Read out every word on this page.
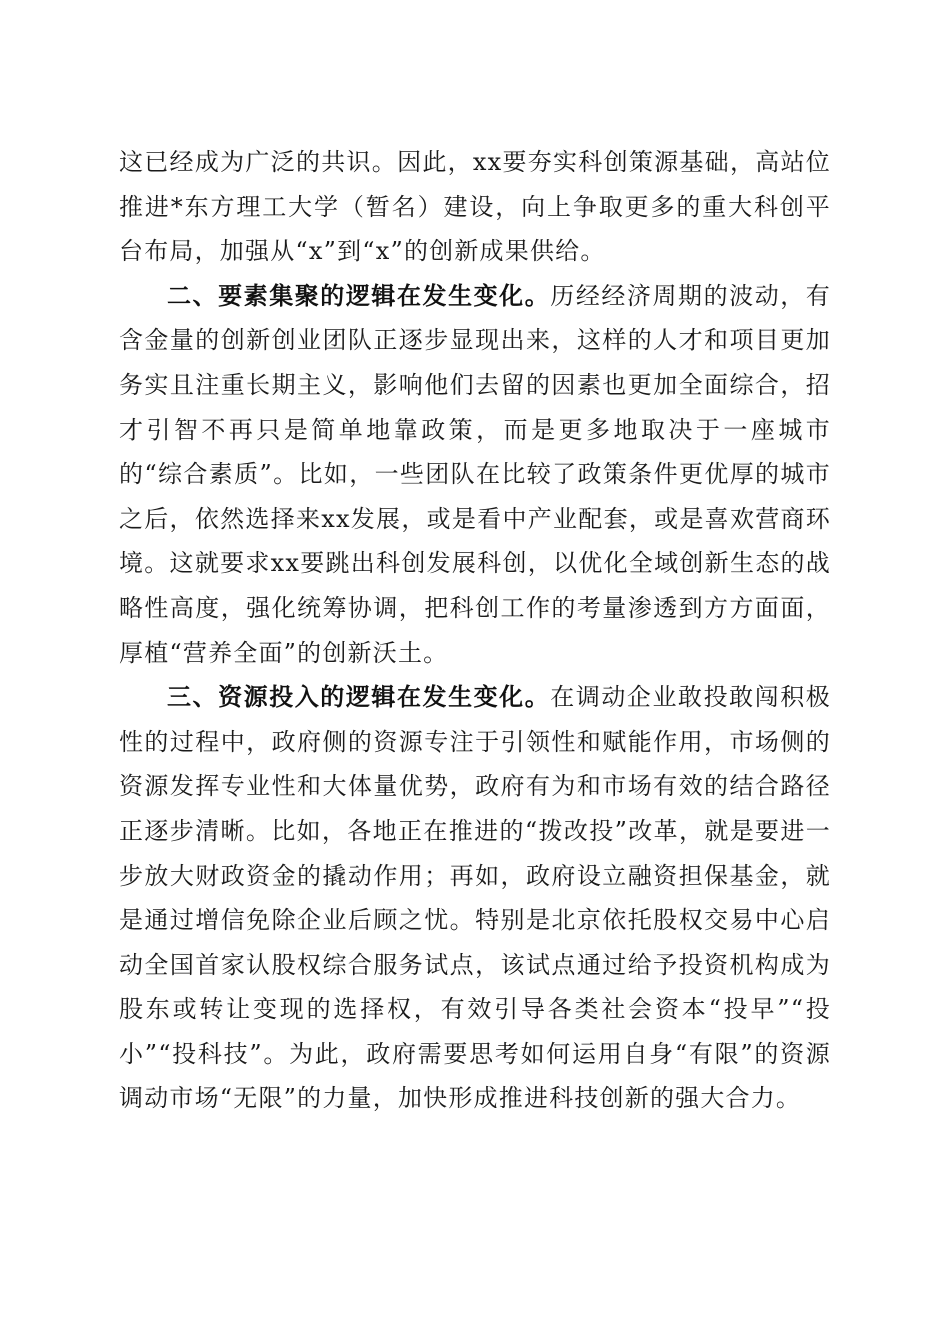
这已经成为广泛的共识。因此，xx要夯实科创策源基础，高站位推进*东方理工大学（暂名）建设，向上争取更多的重大科创平台布局，加强从“x”到“x”的创新成果供给。

二、要素集聚的逻辑在发生变化。历经经济周期的波动，有含金量的创新创业团队正逐步显现出来，这样的人才和项目更加务实且注重长期主义，影响他们去留的因素也更加全面综合，招才引智不再只是简单地靠政策，而是更多地取决于一座城市的“综合素质”。比如，一些团队在比较了政策条件更优厚的城市之后，依然选择来xx发展，或是看中产业配套，或是喜欢营商环境。这就要求xx要跳出科创发展科创，以优化全域创新生态的战略性高度，强化统筹协调，把科创工作的考量渗透到方方面面，厚植“营养全面”的创新沃土。

三、资源投入的逻辑在发生变化。在调动企业敢投敢闯积极性的过程中，政府侧的资源专注于引领性和赋能作用，市场侧的资源发挥专业性和大体量优势，政府有为和市场有效的结合路径正逐步清晰。比如，各地正在推进的“拨改投”改革，就是要进一步放大财政资金的撬动作用；再如，政府设立融资担保基金，就是通过增信免除企业后顾之忧。特别是北京依托股权交易中心启动全国首家认股权综合服务试点，该试点通过给予投资机构成为股东或转让变现的选择权，有效引导各类社会资本“投早”“投小”“投科技”。为此，政府需要思考如何运用自身“有限”的资源调动市场“无限”的力量，加快形成推进科技创新的强大合力。
